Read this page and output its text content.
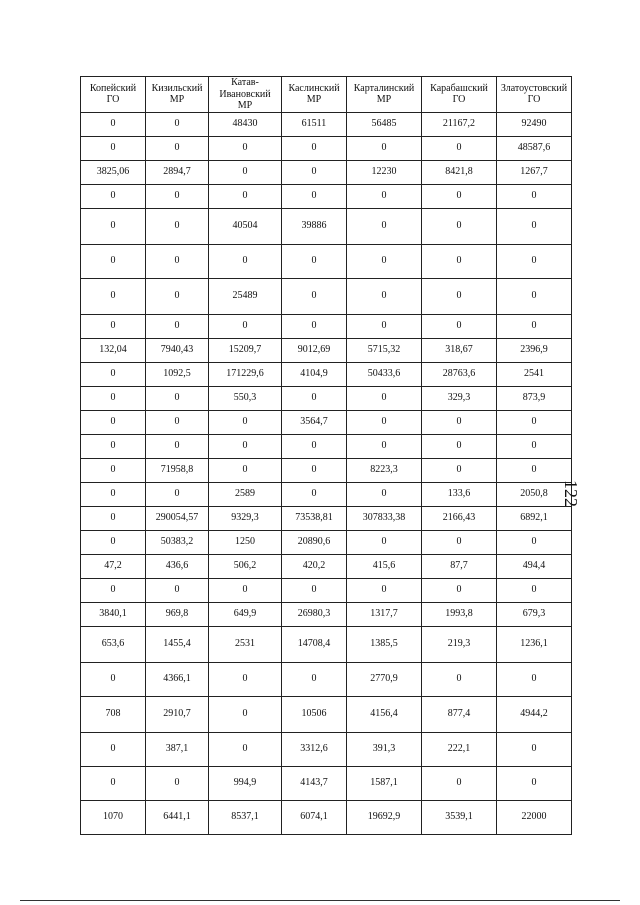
Копейский ГО	Кизильский МР	Катав-Ивановский МР	Каслинский МР	Карталинский МР	Карабашский ГО	Златоустовский ГО
0	0	48430	61511	56485	21167,2	92490
0	0	0	0	0	0	48587,6
3825,06	2894,7	0	0	12230	8421,8	1267,7
0	0	0	0	0	0	0
0	0	40504	39886	0	0	0
0	0	0	0	0	0	0
0	0	25489	0	0	0	0
0	0	0	0	0	0	0
132,04	7940,43	15209,7	9012,69	5715,32	318,67	2396,9
0	1092,5	171229,6	4104,9	50433,6	28763,6	2541
0	0	550,3	0	0	329,3	873,9
0	0	0	3564,7	0	0	0
0	0	0	0	0	0	0
0	71958,8	0	0	8223,3	0	0
0	0	2589	0	0	133,6	2050,8
0	290054,57	9329,3	73538,81	307833,38	2166,43	6892,1
0	50383,2	1250	20890,6	0	0	0
47,2	436,6	506,2	420,2	415,6	87,7	494,4
0	0	0	0	0	0	0
3840,1	969,8	649,9	26980,3	1317,7	1993,8	679,3
653,6	1455,4	2531	14708,4	1385,5	219,3	1236,1
0	4366,1	0	0	2770,9	0	0
708	2910,7	0	10506	4156,4	877,4	4944,2
0	387,1	0	3312,6	391,3	222,1	0
0	0	994,9	4143,7	1587,1	0	0
1070	6441,1	8537,1	6074,1	19692,9	3539,1	22000
122
